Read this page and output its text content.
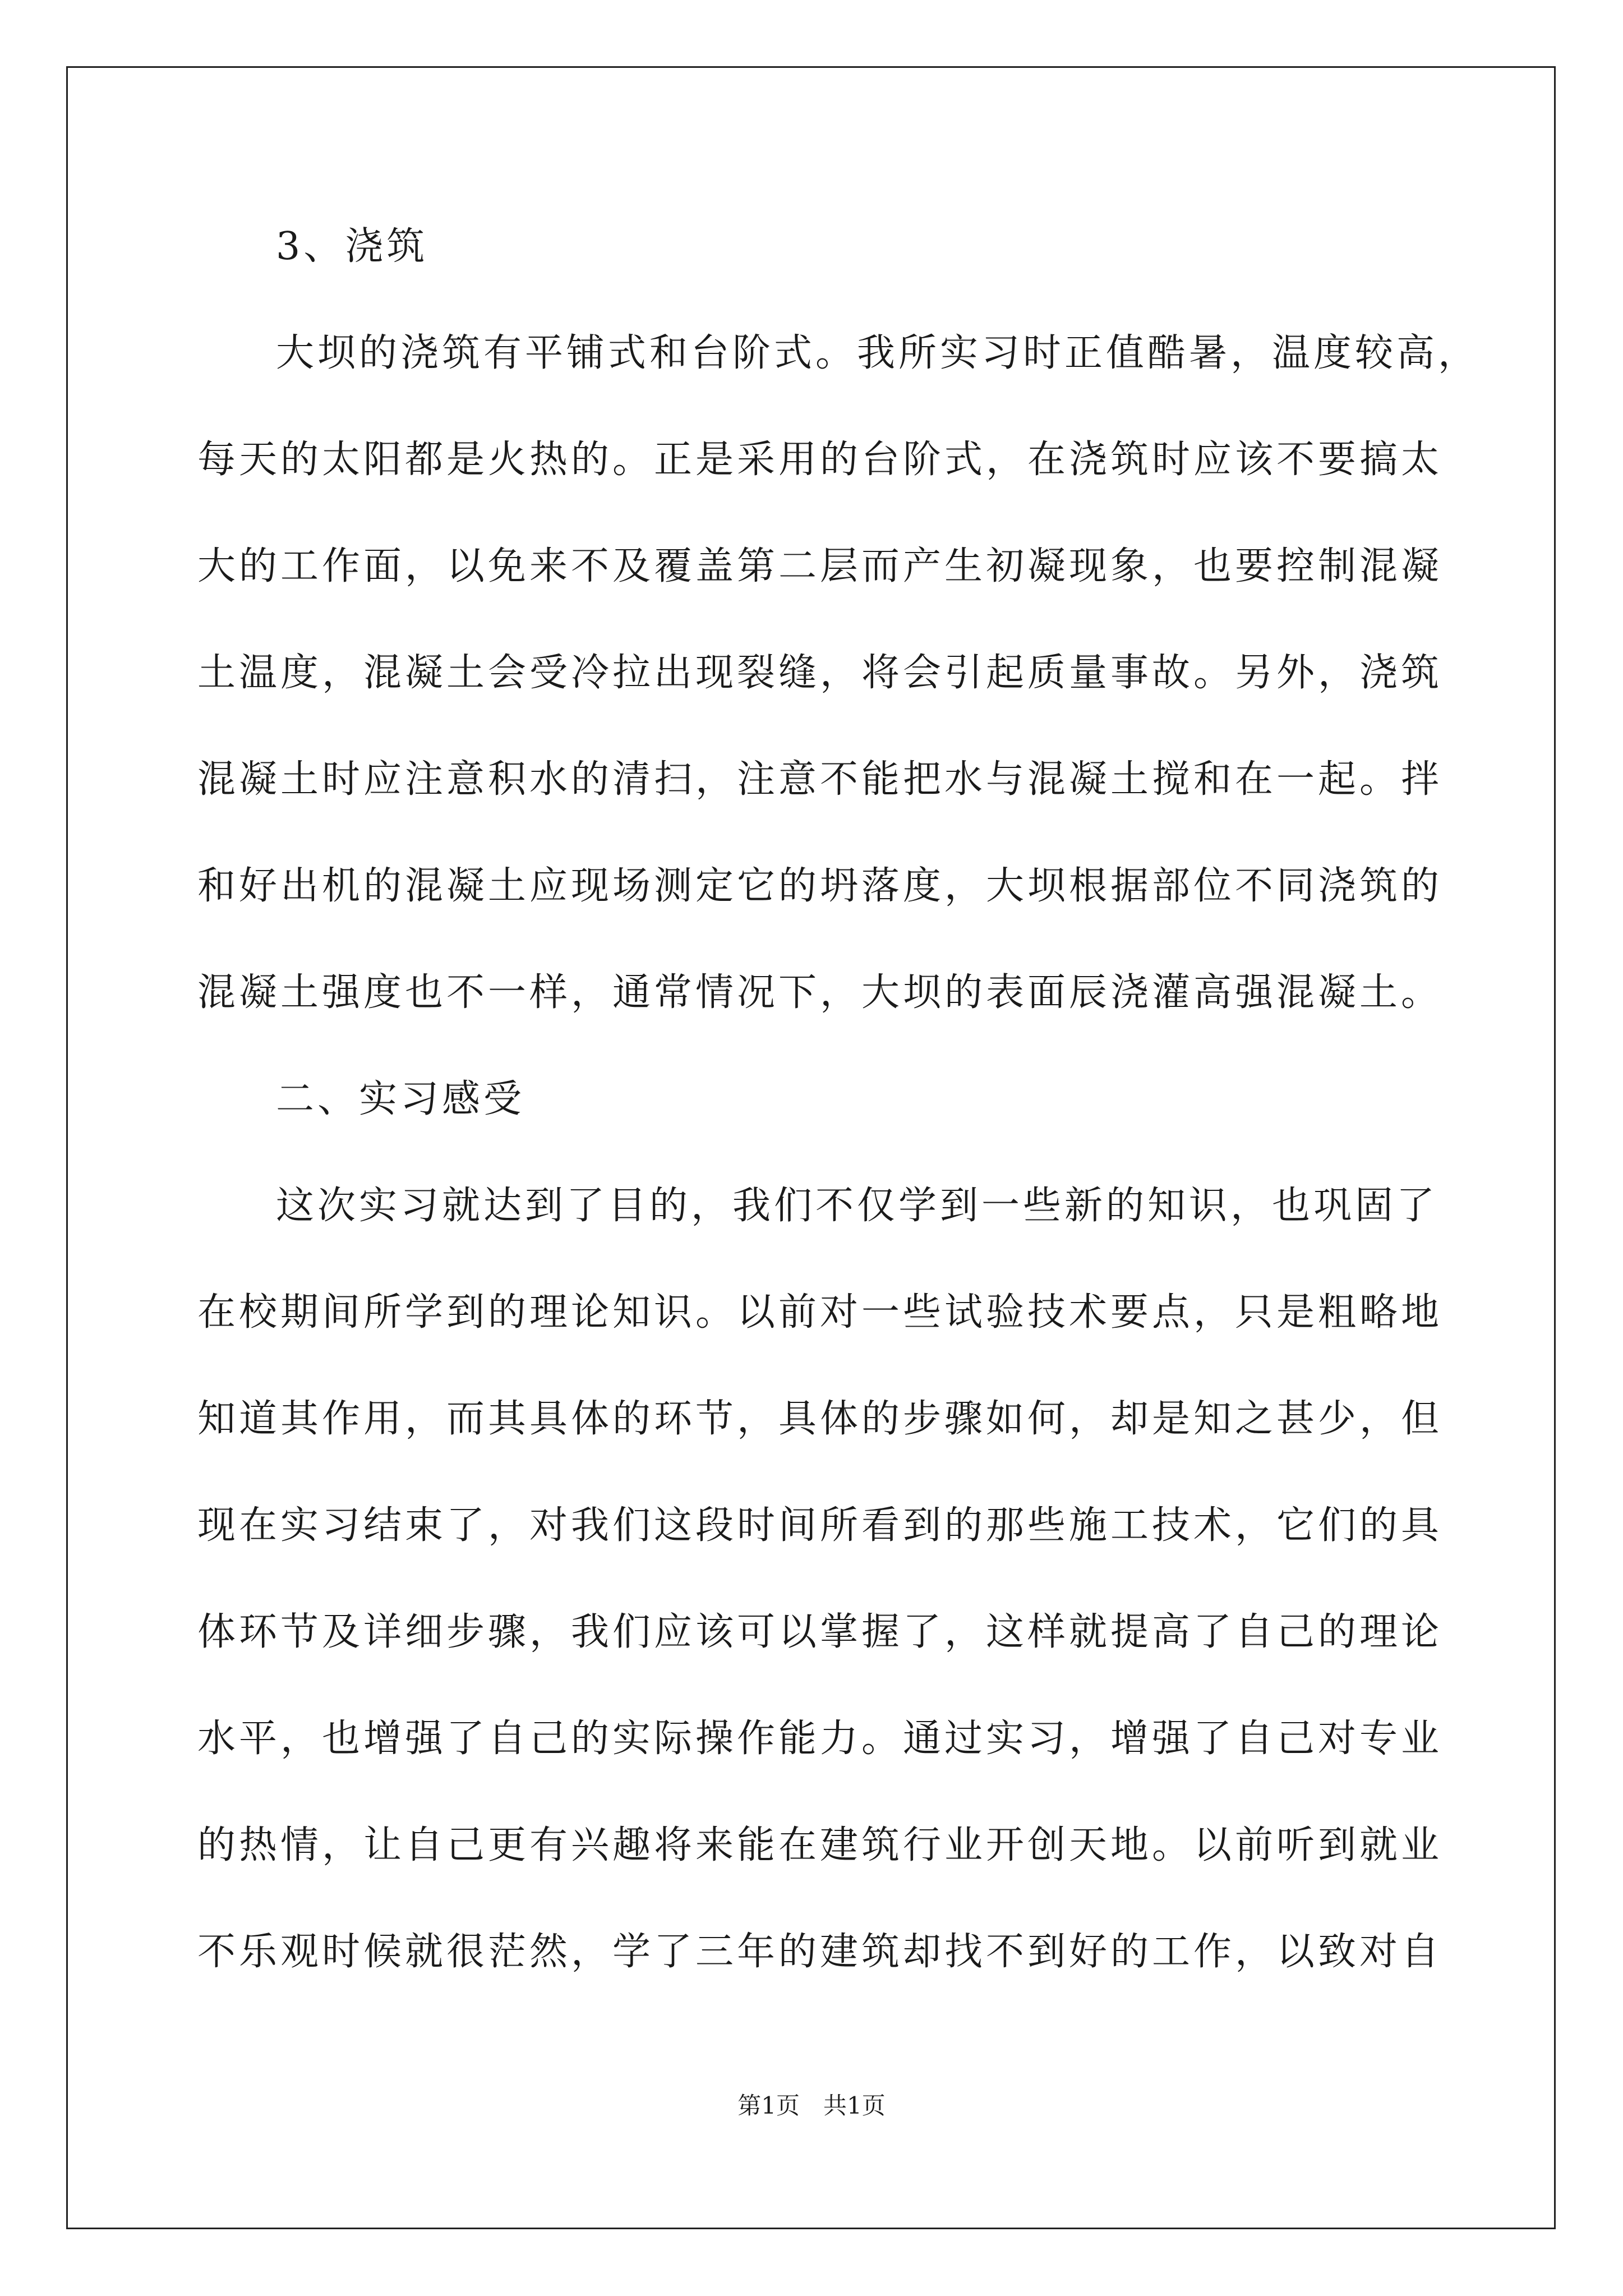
3、浇筑
大坝的浇筑有平铺式和台阶式。我所实习时正值酷暑，温度较高，
每天的太阳都是火热的。正是采用的台阶式，在浇筑时应该不要搞太
大的工作面，以免来不及覆盖第二层而产生初凝现象，也要控制混凝
土温度，混凝土会受冷拉出现裂缝，将会引起质量事故。另外，浇筑
混凝土时应注意积水的清扫，注意不能把水与混凝土搅和在一起。拌
和好出机的混凝土应现场测定它的坍落度，大坝根据部位不同浇筑的
混凝土强度也不一样，通常情况下，大坝的表面辰浇灌高强混凝土。
二、实习感受
这次实习就达到了目的，我们不仅学到一些新的知识，也巩固了
在校期间所学到的理论知识。以前对一些试验技术要点，只是粗略地
知道其作用，而其具体的环节，具体的步骤如何，却是知之甚少，但
现在实习结束了，对我们这段时间所看到的那些施工技术，它们的具
体环节及详细步骤，我们应该可以掌握了，这样就提高了自己的理论
水平，也增强了自己的实际操作能力。通过实习，增强了自己对专业
的热情，让自己更有兴趣将来能在建筑行业开创天地。以前听到就业
不乐观时候就很茫然，学了三年的建筑却找不到好的工作，以致对自
第1页　共1页
